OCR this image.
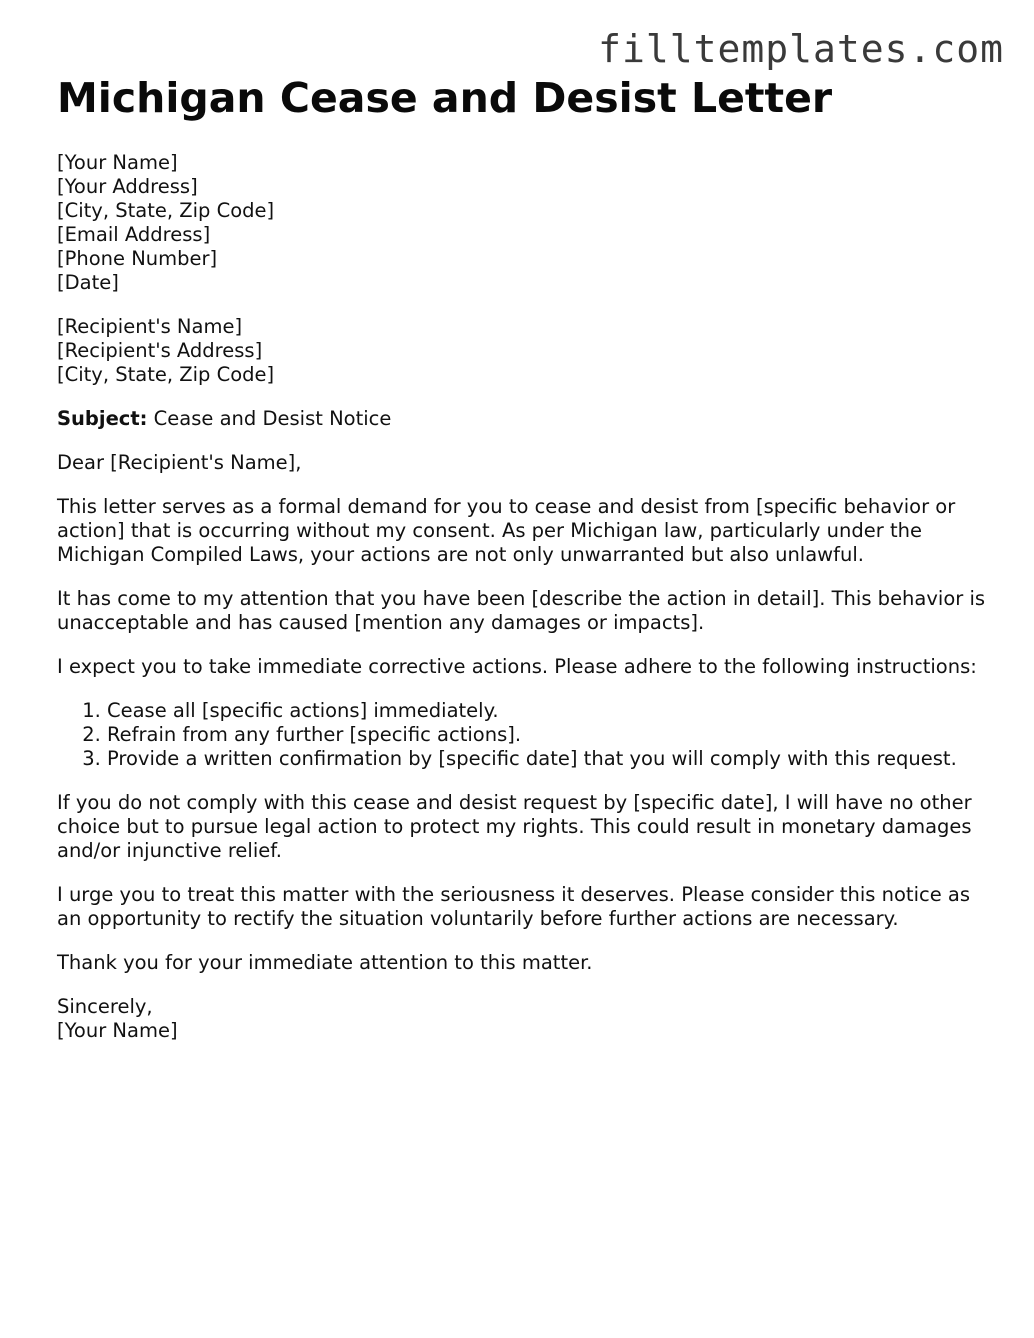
filltemplates.com
Michigan Cease and Desist Letter
[Your Name]
[Your Address]
[City, State, Zip Code]
[Email Address]
[Phone Number]
[Date]
[Recipient's Name]
[Recipient's Address]
[City, State, Zip Code]

Subject: Cease and Desist Notice

Dear [Recipient's Name],

This letter serves as a formal demand for you to cease and desist from [specific behavior or action] that is occurring without my consent. As per Michigan law, particularly under the Michigan Compiled Laws, your actions are not only unwarranted but also unlawful.

It has come to my attention that you have been [describe the action in detail]. This behavior is unacceptable and has caused [mention any damages or impacts].

I expect you to take immediate corrective actions. Please adhere to the following instructions:

1. Cease all [specific actions] immediately.
2. Refrain from any further [specific actions].
3. Provide a written confirmation by [specific date] that you will comply with this request.

If you do not comply with this cease and desist request by [specific date], I will have no other choice but to pursue legal action to protect my rights. This could result in monetary damages and/or injunctive relief.

I urge you to treat this matter with the seriousness it deserves. Please consider this notice as an opportunity to rectify the situation voluntarily before further actions are necessary.

Thank you for your immediate attention to this matter.

Sincerely,
[Your Name]
